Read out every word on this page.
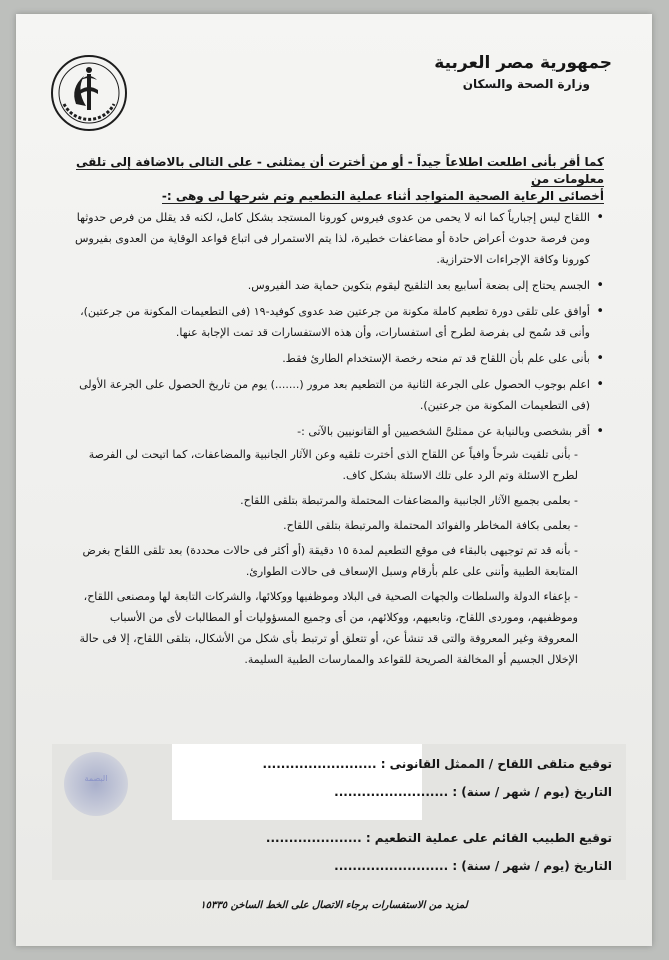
جمهورية مصر العربية
وزارة الصحة والسكان

كما أقر بأنى اطلعت اطلاعاً جيداً - أو من أخترت أن يمثلنى - على التالى بالاضافة إلى تلقى معلومات من

أخصائى الرعاية الصحية المتواجد أثناء عملية التطعيم وتم شرحها لى وهى :-

• اللقاح ليس إجبارياً كما انه لا يحمى من عدوى فيروس كورونا المستجد بشكل كامل، لكنه قد يقلل من فرص حدوثها ومن فرصة حدوث أعراض حادة أو مضاعفات خطيرة، لذا يتم الاستمرار فى اتباع قواعد الوقاية من العدوى بفيروس كورونا وكافة الإجراءات الاحترازية.
• الجسم يحتاج إلى بضعة أسابيع بعد التلقيح ليقوم بتكوين حماية ضد الفيروس.
• أوافق على تلقى دورة تطعيم كاملة مكونة من جرعتين ضد عدوى كوفيد-١٩ (فى التطعيمات المكونة من جرعتين)، وأنى قد سُمح لى بفرصة لطرح أى استفسارات، وأن هذه الاستفسارات قد تمت الإجابة عنها.
• بأنى على علم بأن اللقاح قد تم منحه رخصة الإستخدام الطارئ فقط.
• اعلم بوجوب الحصول على الجرعة الثانية من التطعيم بعد مرور (.......) يوم من تاريخ الحصول على الجرعة الأولى (فى التطعيمات المكونة من جرعتين).
• أقر بشخصى وبالنيابة عن ممثلىَّ الشخصيين أو القانونيين بالآتى :-
- بأنى تلقيت شرحاً وافياً عن اللقاح الذى أخترت تلقيه وعن الآثار الجانبية والمضاعفات، كما اتيحت لى الفرصة لطرح الاسئلة وتم الرد على تلك الاسئلة بشكل كاف.
- بعلمى بجميع الآثار الجانبية والمضاعفات المحتملة والمرتبطة بتلقى اللقاح.
- بعلمى بكافة المخاطر والفوائد المحتملة والمرتبطة بتلقى اللقاح.
- بأنه قد تم توجيهى بالبقاء فى موقع التطعيم لمدة ١٥ دقيقة (أو أكثر فى حالات محددة) بعد تلقى اللقاح بغرض المتابعة الطبية وأننى على علم بأرقام وسبل الإسعاف فى حالات الطوارئ.
- بإعفاء الدولة والسلطات والجهات الصحية فى البلاد وموظفيها ووكلائها، والشركات التابعة لها ومصنعى اللقاح، وموظفيهم، وموردى اللقاح، وتابعيهم، ووكلائهم، من أى وجميع المسؤوليات أو المطالبات لأى من الأسباب المعروفة وغير المعروفة والتى قد تنشأ عن، أو تتعلق أو ترتبط بأى شكل من الأشكال، بتلقى اللقاح، إلا فى حالة الإخلال الجسيم أو المخالفة الصريحة للقواعد والممارسات الطبية السليمة.
البصمة
توقيع متلقى اللقاح / الممثل القانونى : .........................
التاريخ (يوم / شهر / سنة) : .........................
توقيع الطبيب القائم على عملية التطعيم : .....................
التاريخ (يوم / شهر / سنة) : .........................
لمزيد من الاستفسارات برجاء الاتصال على الخط الساخن ١٥٣٣٥
